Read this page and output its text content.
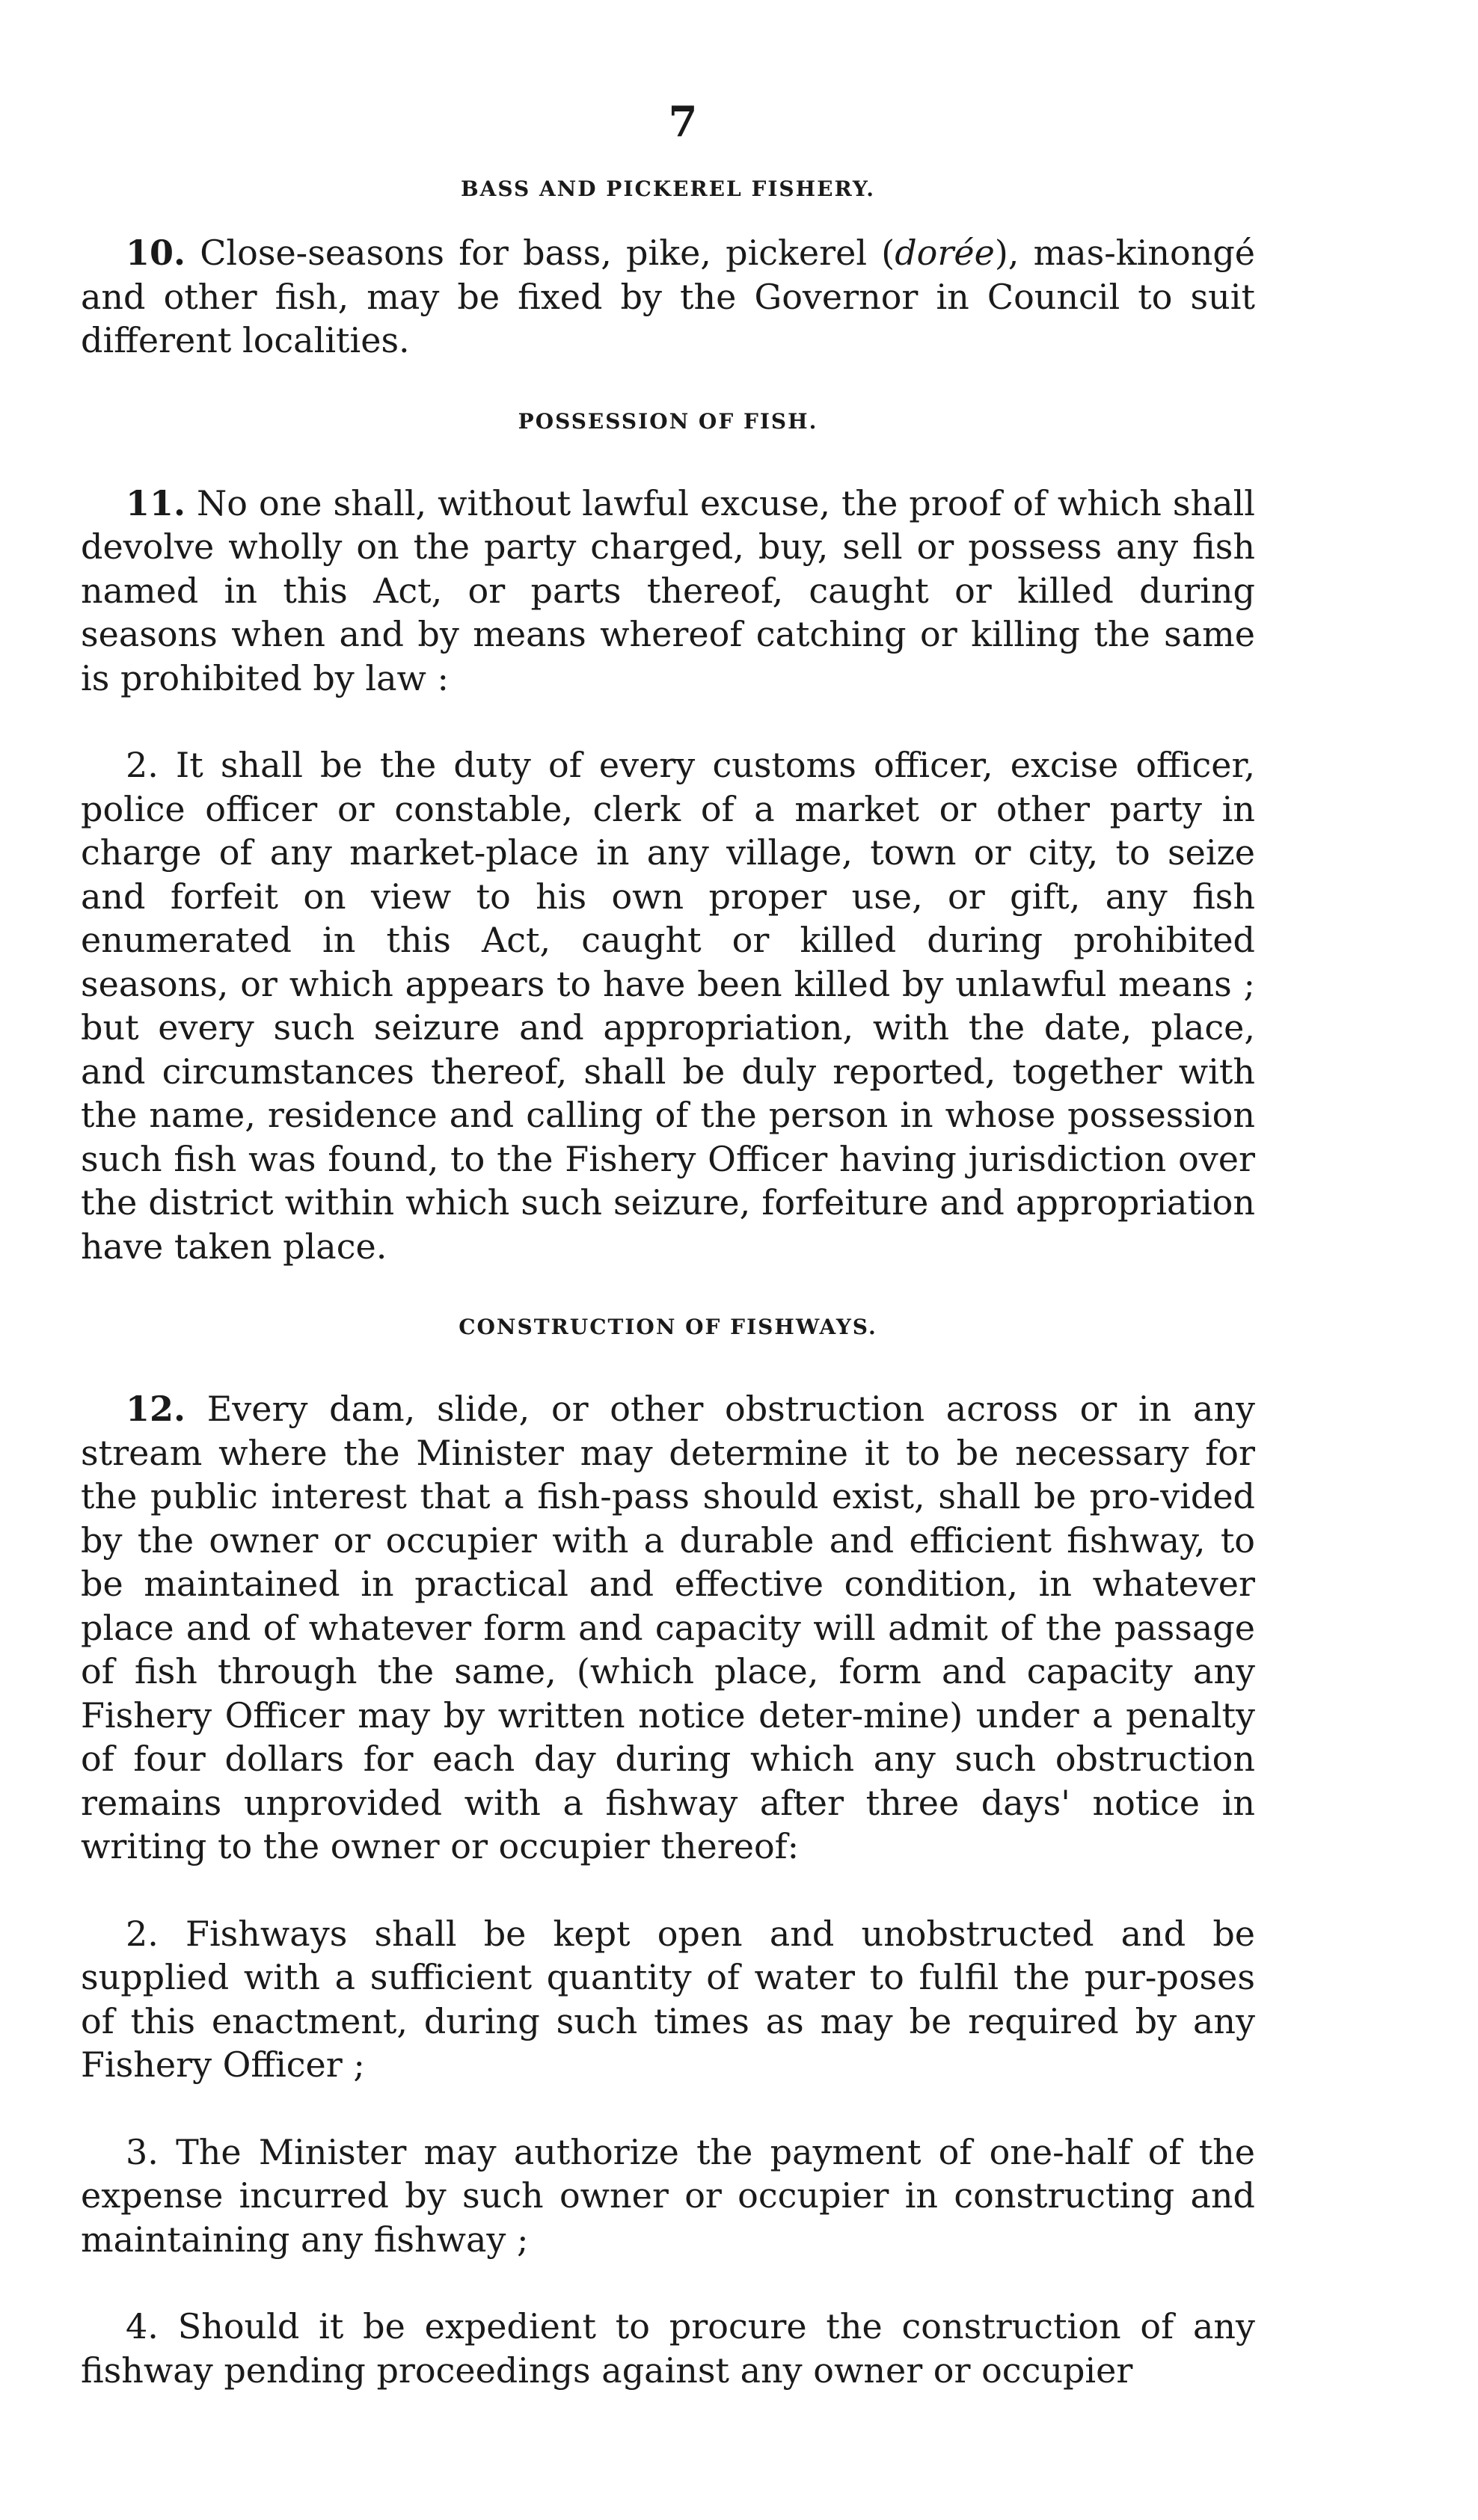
7
BASS AND PICKEREL FISHERY.

10. Close-seasons for bass, pike, pickerel (dorée), mas-kinongé and other fish, may be fixed by the Governor in Council to suit different localities.

POSSESSION OF FISH.

11. No one shall, without lawful excuse, the proof of which shall devolve wholly on the party charged, buy, sell or possess any fish named in this Act, or parts thereof, caught or killed during seasons when and by means whereof catching or killing the same is prohibited by law :

2. It shall be the duty of every customs officer, excise officer, police officer or constable, clerk of a market or other party in charge of any market-place in any village, town or city, to seize and forfeit on view to his own proper use, or gift, any fish enumerated in this Act, caught or killed during prohibited seasons, or which appears to have been killed by unlawful means ; but every such seizure and appropriation, with the date, place, and circumstances thereof, shall be duly reported, together with the name, residence and calling of the person in whose possession such fish was found, to the Fishery Officer having jurisdiction over the district within which such seizure, forfeiture and appropriation have taken place.

CONSTRUCTION OF FISHWAYS.

12. Every dam, slide, or other obstruction across or in any stream where the Minister may determine it to be necessary for the public interest that a fish-pass should exist, shall be pro-vided by the owner or occupier with a durable and efficient fishway, to be maintained in practical and effective condition, in whatever place and of whatever form and capacity will admit of the passage of fish through the same, (which place, form and capacity any Fishery Officer may by written notice deter-mine) under a penalty of four dollars for each day during which any such obstruction remains unprovided with a fishway after three days' notice in writing to the owner or occupier thereof:

2. Fishways shall be kept open and unobstructed and be supplied with a sufficient quantity of water to fulfil the pur-poses of this enactment, during such times as may be required by any Fishery Officer ;

3. The Minister may authorize the payment of one-half of the expense incurred by such owner or occupier in constructing and maintaining any fishway ;

4. Should it be expedient to procure the construction of any fishway pending proceedings against any owner or occupier
